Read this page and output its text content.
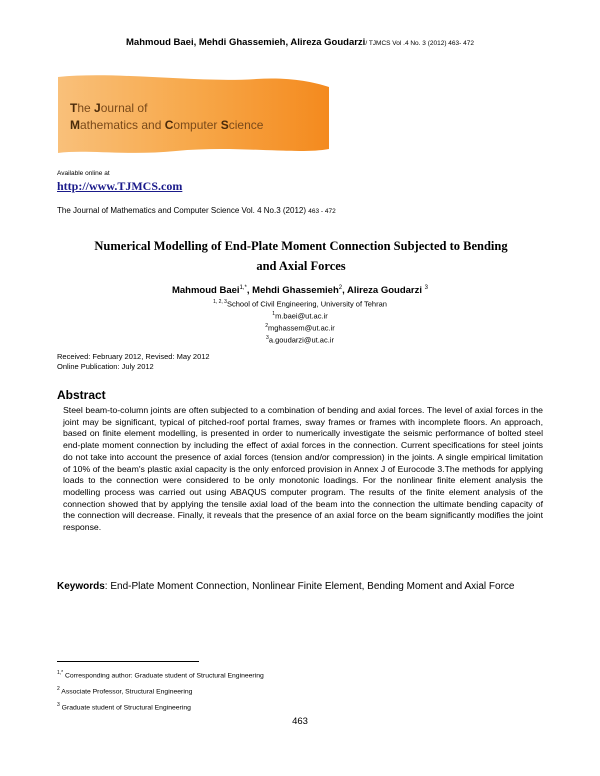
Mahmoud Baei, Mehdi Ghassemieh, Alireza Goudarzi/ TJMCS Vol .4 No. 3 (2012) 463- 472
The Journal of
Mathematics and Computer Science
Available online at
http://www.TJMCS.com
The Journal of Mathematics and Computer Science Vol. 4 No.3 (2012) 463 - 472
Numerical Modelling of End-Plate Moment Connection Subjected to Bending
and Axial Forces
Mahmoud Baei$^{1,*}$, Mehdi Ghassemieh$^2$, Alireza Goudarzi $^3$
$^{1, 2, 3}$School of Civil Engineering, University of Tehran
$^1$m.baei@ut.ac.ir
$^2$mghassem@ut.ac.ir
$^3$a.goudarzi@ut.ac.ir
Received: February 2012, Revised: May 2012
Online Publication: July 2012
Abstract
Steel beam-to-column joints are often subjected to a combination of bending and axial forces. The level of axial forces in the joint may be significant, typical of pitched-roof portal frames, sway frames or frames with incomplete floors. An approach, based on finite element modelling, is presented in order to numerically investigate the seismic performance of bolted steel end-plate moment connection by including the effect of axial forces in the connection. Current specifications for steel joints do not take into account the presence of axial forces (tension and/or compression) in the joints. A single empirical limitation of 10% of the beam's plastic axial capacity is the only enforced provision in Annex J of Eurocode 3.The methods for applying loads to the connection were considered to be only monotonic loadings. For the nonlinear finite element analysis the modelling process was carried out using ABAQUS computer program. The results of the finite element analysis of the connection showed that by applying the tensile axial load of the beam into the connection the ultimate bending capacity of the connection will decrease. Finally, it reveals that the presence of an axial force on the beam significantly modifies the joint response.
Keywords: End-Plate Moment Connection, Nonlinear Finite Element, Bending Moment and Axial Force
$^{1,*}$ Corresponding author: Graduate student of Structural Engineering
$^2$ Associate Professor, Structural Engineering
$^3$ Graduate student of Structural Engineering
463
